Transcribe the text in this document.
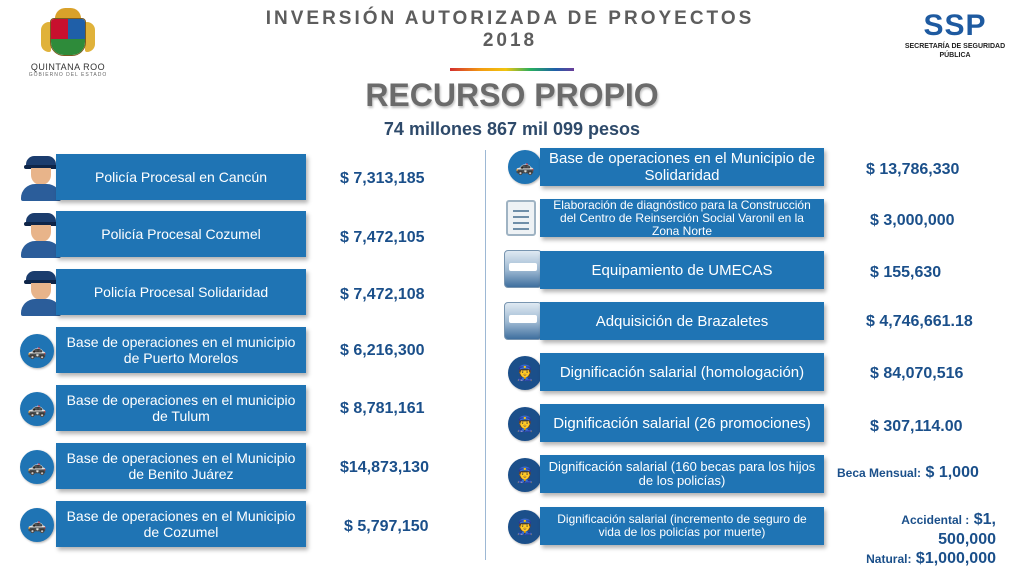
QUINTANA ROO
GOBIERNO DEL ESTADO
INVERSIÓN AUTORIZADA DE PROYECTOS
2018
RECURSO PROPIO
74 millones 867 mil 099 pesos
SSP
SECRETARÍA DE SEGURIDAD PÚBLICA
Policía Procesal en Cancún	$ 7,313,185
Policía Procesal Cozumel	$ 7,472,105
Policía Procesal Solidaridad	$ 7,472,108
🚓
Base de operaciones en el municipio de Puerto Morelos	$ 6,216,300
🚓
Base de operaciones en el municipio de Tulum	$ 8,781,161
🚓
Base de operaciones en el Municipio de Benito Juárez	$14,873,130
🚓
Base de operaciones en el Municipio de Cozumel	$ 5,797,150
🚓
Base de operaciones en el Municipio de Solidaridad	$ 13,786,330
Elaboración de diagnóstico para la Construcción del Centro de Reinserción Social Varonil en la Zona Norte
$ 3,000,000
Equipamiento de UMECAS	$ 155,630
Adquisición de Brazaletes	$ 4,746,661.18
👮	Dignificación salarial (homologación)	$ 84,070,516
👮	Dignificación salarial (26 promociones)	$ 307,114.00
👮
Dignificación salarial (160 becas para los hijos de los policías)	Beca Mensual: $ 1,000
👮	Dignificación salarial (incremento de seguro de vida de los policías por muerte)
Accidental : $1, 500,000
Natural: $1,000,000
